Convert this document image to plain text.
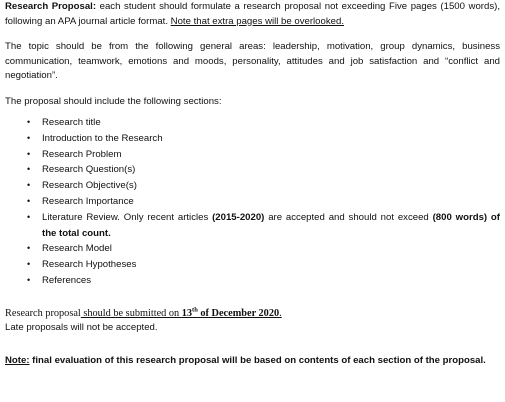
Research Proposal: each student should formulate a research proposal not exceeding Five pages (1500 words), following an APA journal article format. Note that extra pages will be overlooked.

The topic should be from the following general areas: leadership, motivation, group dynamics, business communication, teamwork, emotions and moods, personality, attitudes and job satisfaction and “conflict and negotiation”.

The proposal should include the following sections:

• Research title
• Introduction to the Research
• Research Problem
• Research Question(s)
• Research Objective(s)
• Research Importance
• Literature Review. Only recent articles (2015-2020) are accepted and should not exceed (800 words) of the total count.
• Research Model
• Research Hypotheses
• References

Research proposal should be submitted on 13th of December 2020.

Late proposals will not be accepted.

Note: final evaluation of this research proposal will be based on contents of each section of the proposal.
